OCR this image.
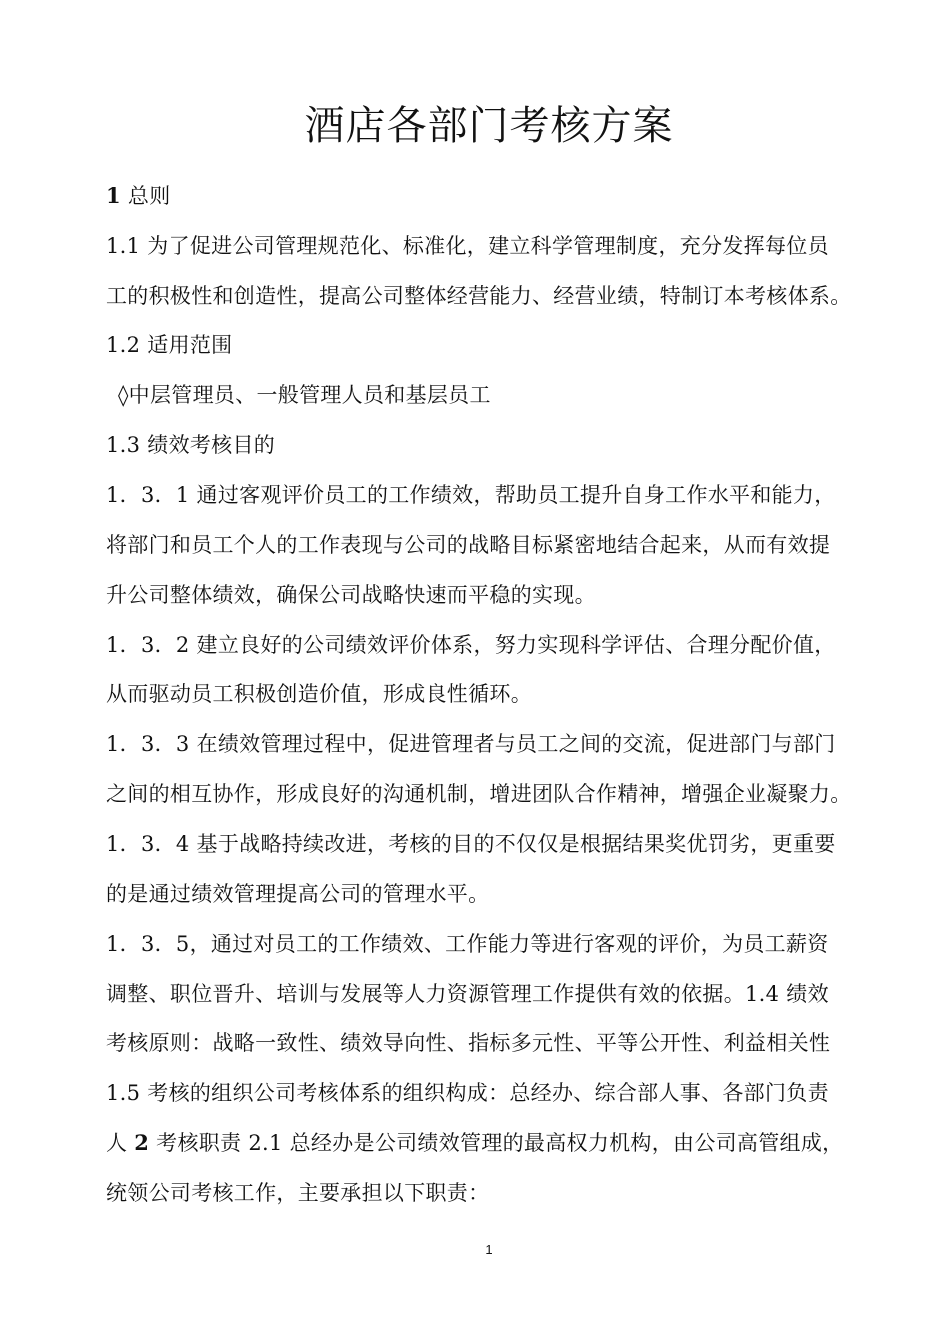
酒店各部门考核方案
1 总则
1.1 为了促进公司管理规范化、标准化，建立科学管理制度，充分发挥每位员
工的积极性和创造性，提高公司整体经营能力、经营业绩，特制订本考核体系。
1.2 适用范围
◊中层管理员、一般管理人员和基层员工
1.3 绩效考核目的
1．3．1 通过客观评价员工的工作绩效，帮助员工提升自身工作水平和能力，
将部门和员工个人的工作表现与公司的战略目标紧密地结合起来，从而有效提
升公司整体绩效，确保公司战略快速而平稳的实现。
1．3．2 建立良好的公司绩效评价体系，努力实现科学评估、合理分配价值，
从而驱动员工积极创造价值，形成良性循环。
1．3．3 在绩效管理过程中，促进管理者与员工之间的交流，促进部门与部门
之间的相互协作，形成良好的沟通机制，增进团队合作精神，增强企业凝聚力。
1．3．4 基于战略持续改进，考核的目的不仅仅是根据结果奖优罚劣，更重要
的是通过绩效管理提高公司的管理水平。
1．3．5，通过对员工的工作绩效、工作能力等进行客观的评价，为员工薪资
调整、职位晋升、培训与发展等人力资源管理工作提供有效的依据。1.4 绩效
考核原则：战略一致性、绩效导向性、指标多元性、平等公开性、利益相关性
1.5 考核的组织公司考核体系的组织构成：总经办、综合部人事、各部门负责
人 2 考核职责 2.1 总经办是公司绩效管理的最高权力机构，由公司高管组成，
统领公司考核工作，主要承担以下职责：
1
